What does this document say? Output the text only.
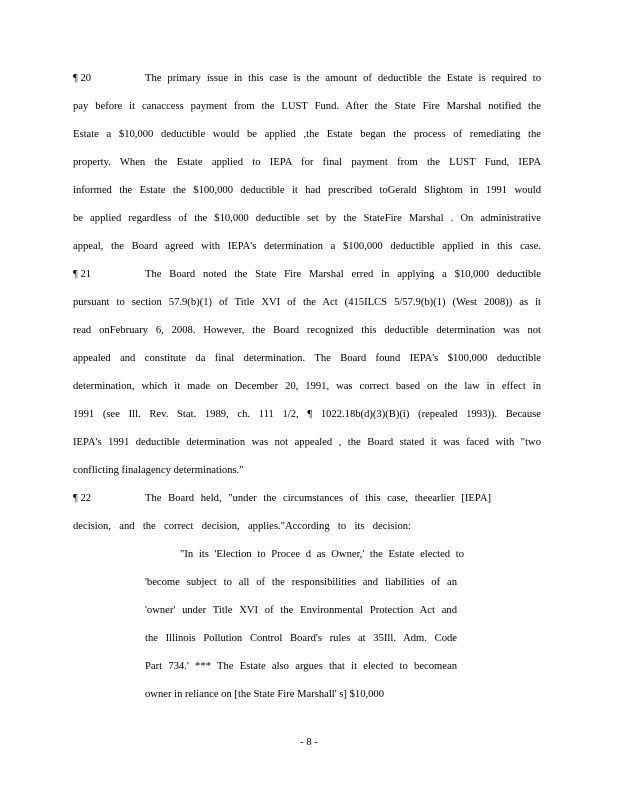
¶ 20	The primary issue in this case is the amount of deductible the Estate is required to
pay before it canaccess payment from the LUST Fund. After the State Fire Marshal notified the
Estate a $10,000 deductible would be applied ,the Estate began the process of remediating the
property. When the Estate applied to IEPA for final payment from the LUST Fund, IEPA
informed the Estate the $100,000 deductible it had prescribed toGerald Slightom in 1991 would
be applied regardless of the $10,000 deductible set by the StateFire Marshal . On administrative
appeal, the Board agreed with IEPA's determination a $100,000 deductible applied in this case.
¶ 21	The Board noted the State Fire Marshal erred in applying a $10,000 deductible
pursuant to section 57.9(b)(1) of Title XVI of the Act (415ILCS 5/57.9(b)(1) (West 2008)) as it
read onFebruary 6, 2008. However, the Board recognized this deductible determination was not
appealed and constitute da final determination. The Board found IEPA's $100,000 deductible
determination, which it made on December 20, 1991, was correct based on the law in effect in
1991 (see Ill. Rev. Stat. 1989, ch. 111 1/2, ¶ 1022.18b(d)(3)(B)(i) (repealed 1993)). Because
IEPA's 1991 deductible determination was not appealed , the Board stated it was faced with "two
conflicting finalagency determinations."
¶ 22	The Board held, "under the circumstances of this case, theearlier [IEPA]
decision, and the correct decision, applies."According to its decision:
"In its 'Election to Procee d as Owner,' the Estate elected to
'become subject to all of the responsibilities and liabilities of an
'owner' under Title XVI of the Environmental Protection Act and
the Illinois Pollution Control Board's rules at 35Ill. Adm. Code
Part 734.' *** The Estate also argues that it elected to becomean
owner in reliance on [the State Fire Marshall' s] $10,000
- 8 -
